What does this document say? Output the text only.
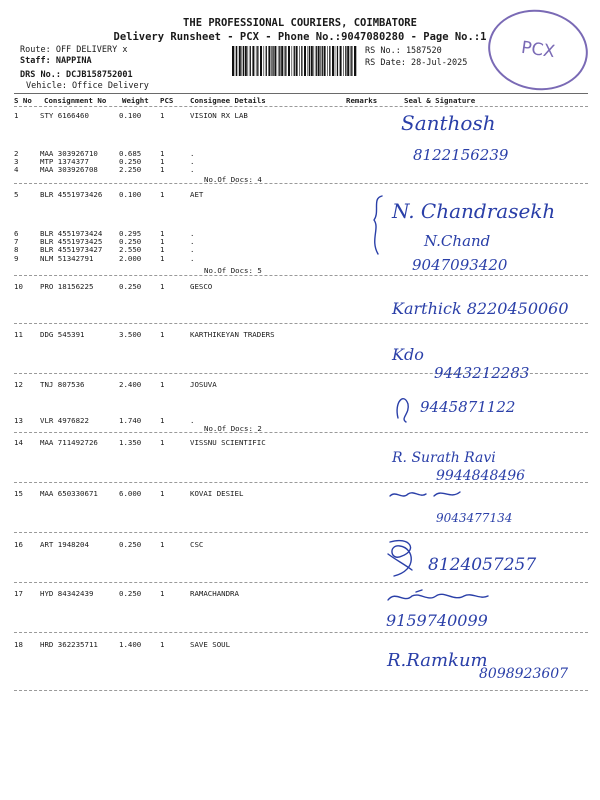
THE PROFESSIONAL COURIERS, COIMBATORE
Delivery Runsheet - PCX - Phone No.:9047080280 - Page No.:1
Route: OFF DELIVERY x
Staff: NAPPINA
DRS No.: DCJB158752001
Vehicle: Office Delivery
RS No.: 1587520
RS Date: 28-Jul-2025
PCX
S No Consignment No Weight PCS Consignee Details	Remarks	Seal & Signature
1	STY 6166460	0.100	1	VISION RX LAB
2	MAA 303926710	0.685	1	.
3	MTP 1374377	0.250	1	.
4	MAA 303926708	2.250	1	.
5	BLR 4551973426 0.100	1	AET
6	BLR 4551973424 0.295	1	.
7	BLR 4551973425 0.250	1	.
8	BLR 4551973427 2.550	1	.
9	NLM 51342791	2.000	1	.
10 PRO 18156225	0.250	1	GESCO
11 DDG 545391	3.500	1	KARTHIKEYAN TRADERS
12 TNJ 807536	2.400	1	JOSUVA
13 VLR 4976822	1.740	1	.
14 MAA 711492726	1.350	1	VISSNU SCIENTIFIC
15 MAA 650330671	6.000	1	KOVAI DESIEL
16 ART 1948204	0.250	1	CSC
17 HYD 84342439	0.250	1	RAMACHANDRA
18 HRD 362235711	1.400	1	SAVE SOUL
No.Of Docs: 4
No.Of Docs: 5
No.Of Docs: 2
Santhosh
8122156239
N. Chandrasekh
N.Chand
9047093420
Karthick 8220450060
Kdo
9443212283
9445871122
R. Surath Ravi
9944848496
9043477134
8124057257
9159740099
R.Ramkum
8098923607
